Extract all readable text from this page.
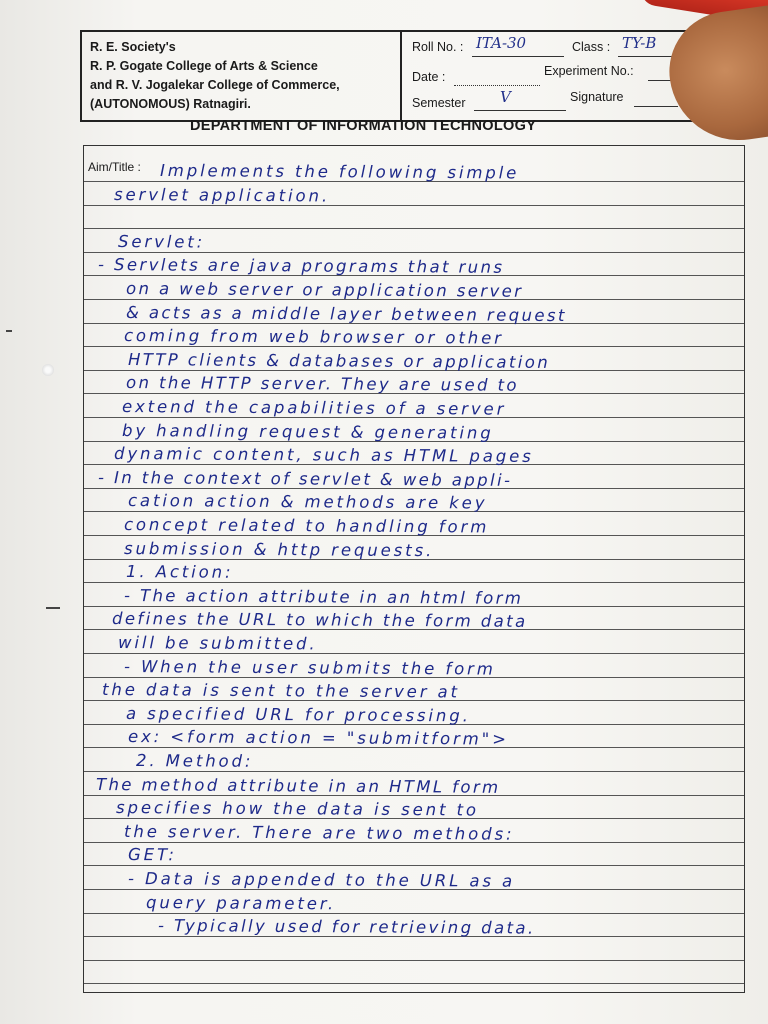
R. E. Society's
R. P. Gogate College of Arts & Science
and R. V. Jogalekar College of Commerce,
(AUTONOMOUS) Ratnagiri.
Roll No. : ITA-30	Class : TY-B
Date :	Experiment No.:
Semester V	Signature
DEPARTMENT OF INFORMATION TECHNOLOGY
Aim/Title : Implements the following simple
servlet application.
Servlet:
- Servlets are java programs that runs
on a web server or application server
& acts as a middle layer between request
coming from web browser or other
HTTP clients & databases or application
on the HTTP server. They are used to
extend the capabilities of a server
by handling request & generating
dynamic content, such as HTML pages
- In the context of servlet & web appli-
cation action & methods are key
concept related to handling form
submission & http requests.
1. Action:
- The action attribute in an html form
defines the URL to which the form data
will be submitted.
- When the user submits the form
the data is sent to the server at
a specified URL for processing.
ex: <form action = "submitform">
2. Method:
The method attribute in an HTML form
specifies how the data is sent to
the server. There are two methods:
GET:
- Data is appended to the URL as a
query parameter.
- Typically used for retrieving data.
